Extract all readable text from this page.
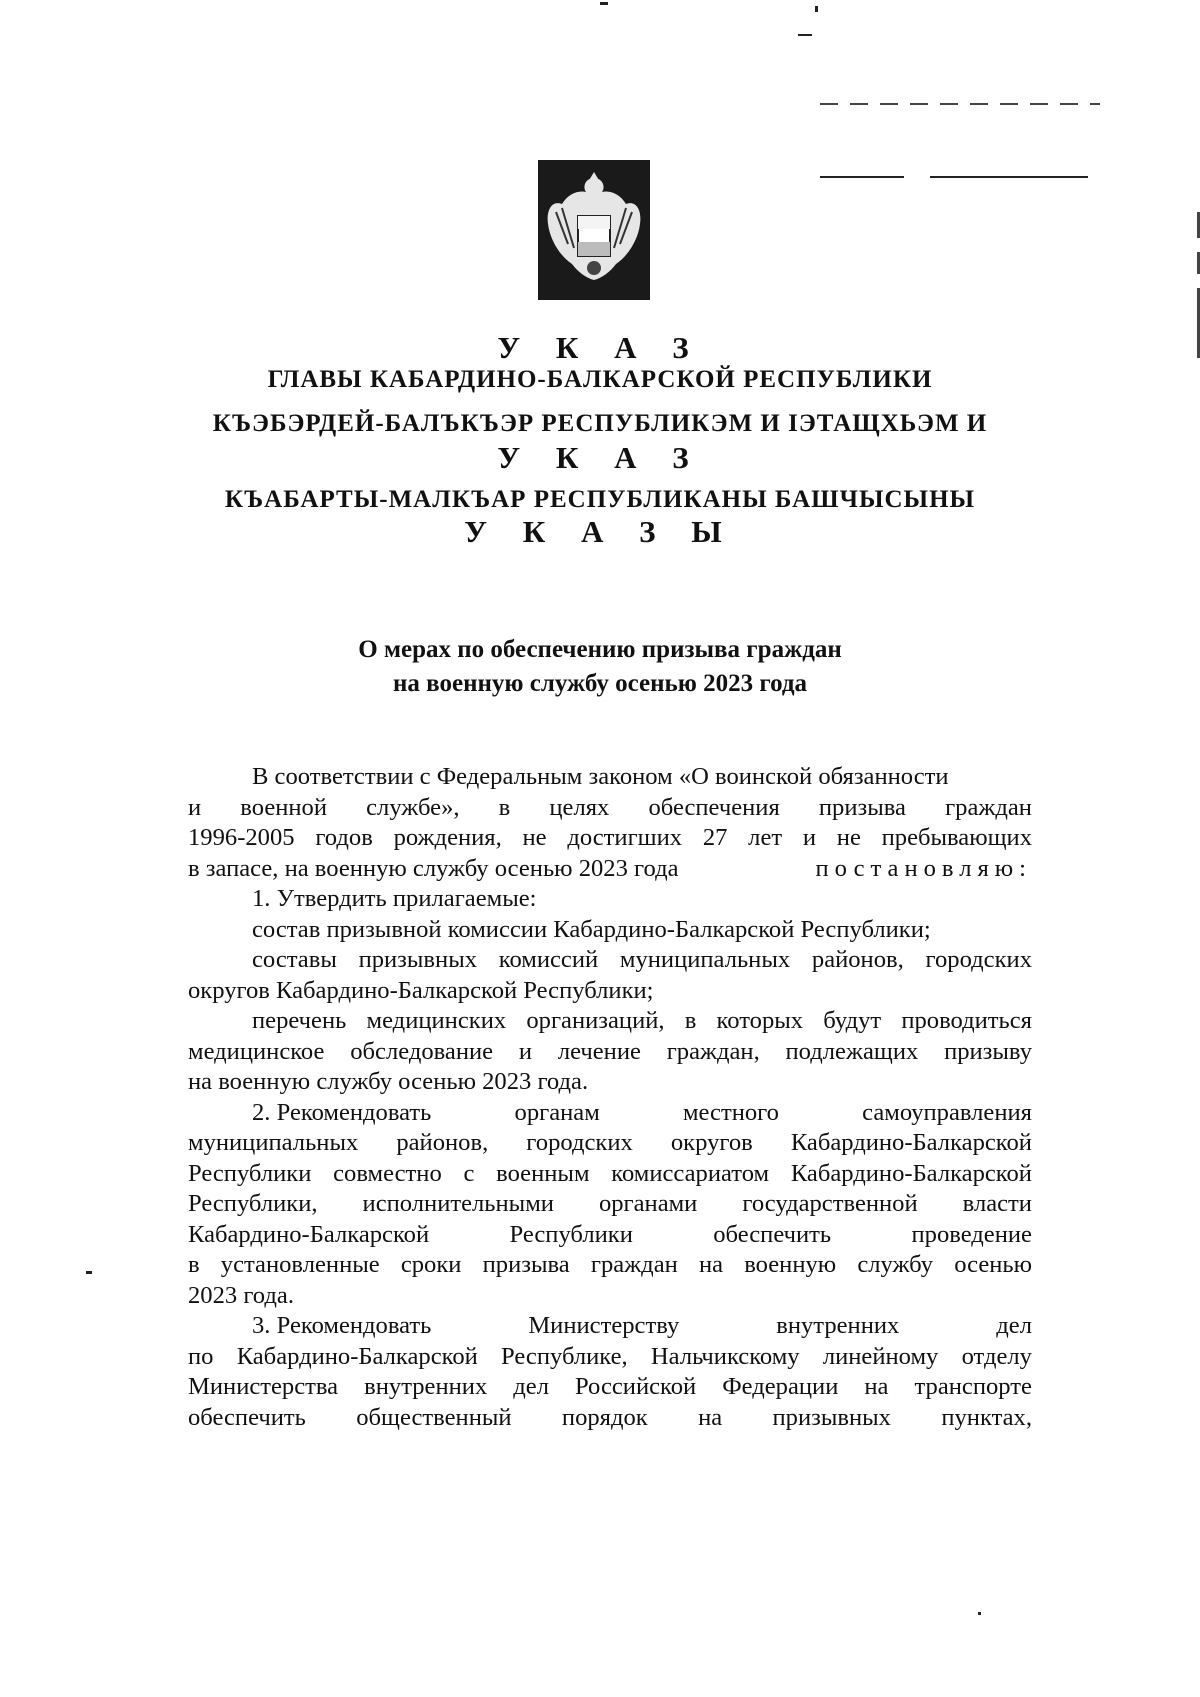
У К А З
ГЛАВЫ КАБАРДИНО-БАЛКАРСКОЙ РЕСПУБЛИКИ
КЪЭБЭРДЕЙ-БАЛЪКЪЭР РЕСПУБЛИКЭМ И IЭТАЩХЬЭМ И
У К А З
КЪАБАРТЫ-МАЛКЪАР РЕСПУБЛИКАНЫ БАШЧЫСЫНЫ
У К А З Ы
О мерах по обеспечению призыва граждан
на военную службу осенью 2023 года
В соответствии с Федеральным законом «О воинской обязанности
и военной службе», в целях обеспечения призыва граждан
1996-2005 годов рождения, не достигших 27 лет и не пребывающих
в запасе, на военную службу осенью 2023 года	постановляю:
1. Утвердить прилагаемые:
состав призывной комиссии Кабардино-Балкарской Республики;
составы призывных комиссий муниципальных районов, городских
округов Кабардино-Балкарской Республики;
перечень медицинских организаций, в которых будут проводиться
медицинское обследование и лечение граждан, подлежащих призыву
на военную службу осенью 2023 года.
2. Рекомендовать	органам	местного	самоуправления
муниципальных районов, городских округов Кабардино-Балкарской
Республики совместно с военным комиссариатом Кабардино-Балкарской
Республики, исполнительными органами государственной власти
Кабардино-Балкарской	Республики	обеспечить	проведение
в установленные сроки призыва граждан на военную службу осенью
2023 года.
3. Рекомендовать	Министерству	внутренних	дел
по Кабардино-Балкарской Республике, Нальчикскому линейному отделу
Министерства внутренних дел Российской Федерации на транспорте
обеспечить общественный порядок на призывных пунктах,
